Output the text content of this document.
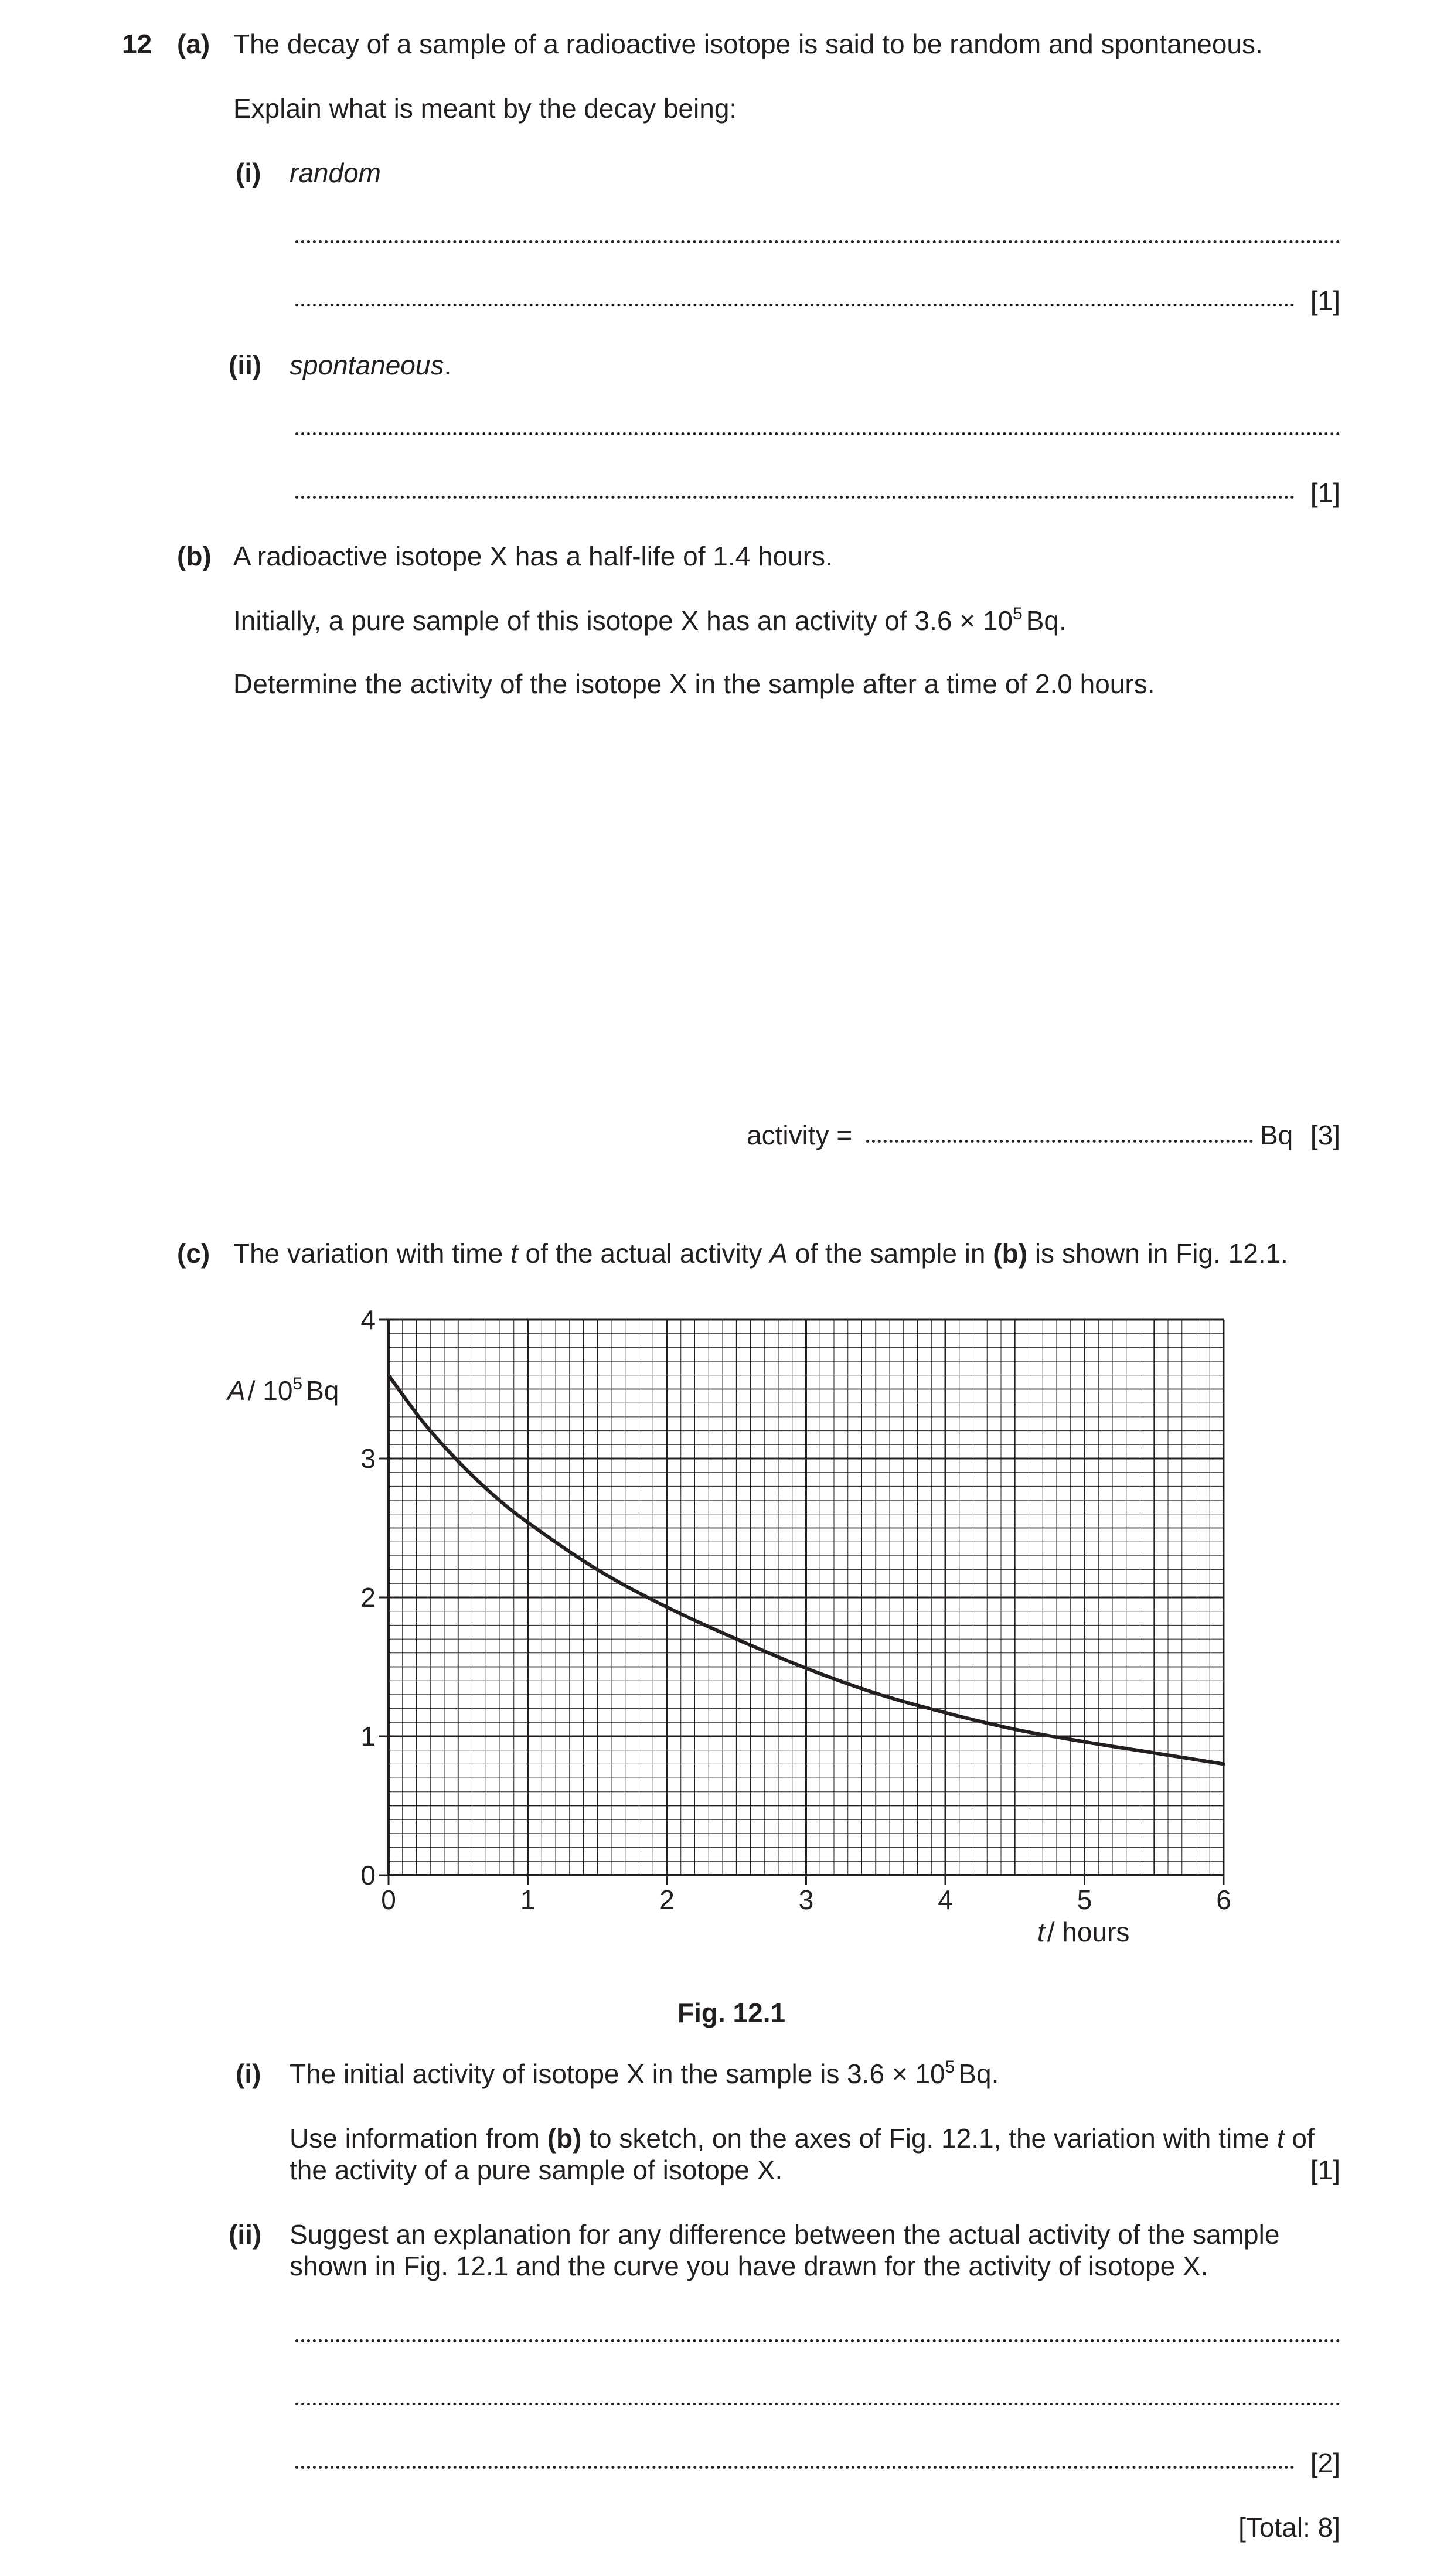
12 (a) The decay of a sample of a radioactive isotope is said to be random and spontaneous.
Explain what is meant by the decay being:
(i) random
[1]
(ii) spontaneous.
[1]
(b) A radioactive isotope X has a half-life of 1.4 hours.
Initially, a pure sample of this isotope X has an activity of $3.6 \times 10^5$ Bq.
Determine the activity of the isotope X in the sample after a time of 2.0 hours.
activity =	Bq [3]
(c) The variation with time t of the actual activity A of the sample in (b) is shown in Fig. 12.1.
0	1	2	3	4	5	6
0
1
2
3
4
A/ $10^5$ Bq
t/ hours
Fig. 12.1
(i) The initial activity of isotope X in the sample is $3.6 \times 10^5$ Bq.
Use information from (b) to sketch, on the axes of Fig. 12.1, the variation with time t of
the activity of a pure sample of isotope X.	[1]
(ii) Suggest an explanation for any difference between the actual activity of the sample
shown in Fig. 12.1 and the curve you have drawn for the activity of isotope X.
[2]
[Total: 8]
